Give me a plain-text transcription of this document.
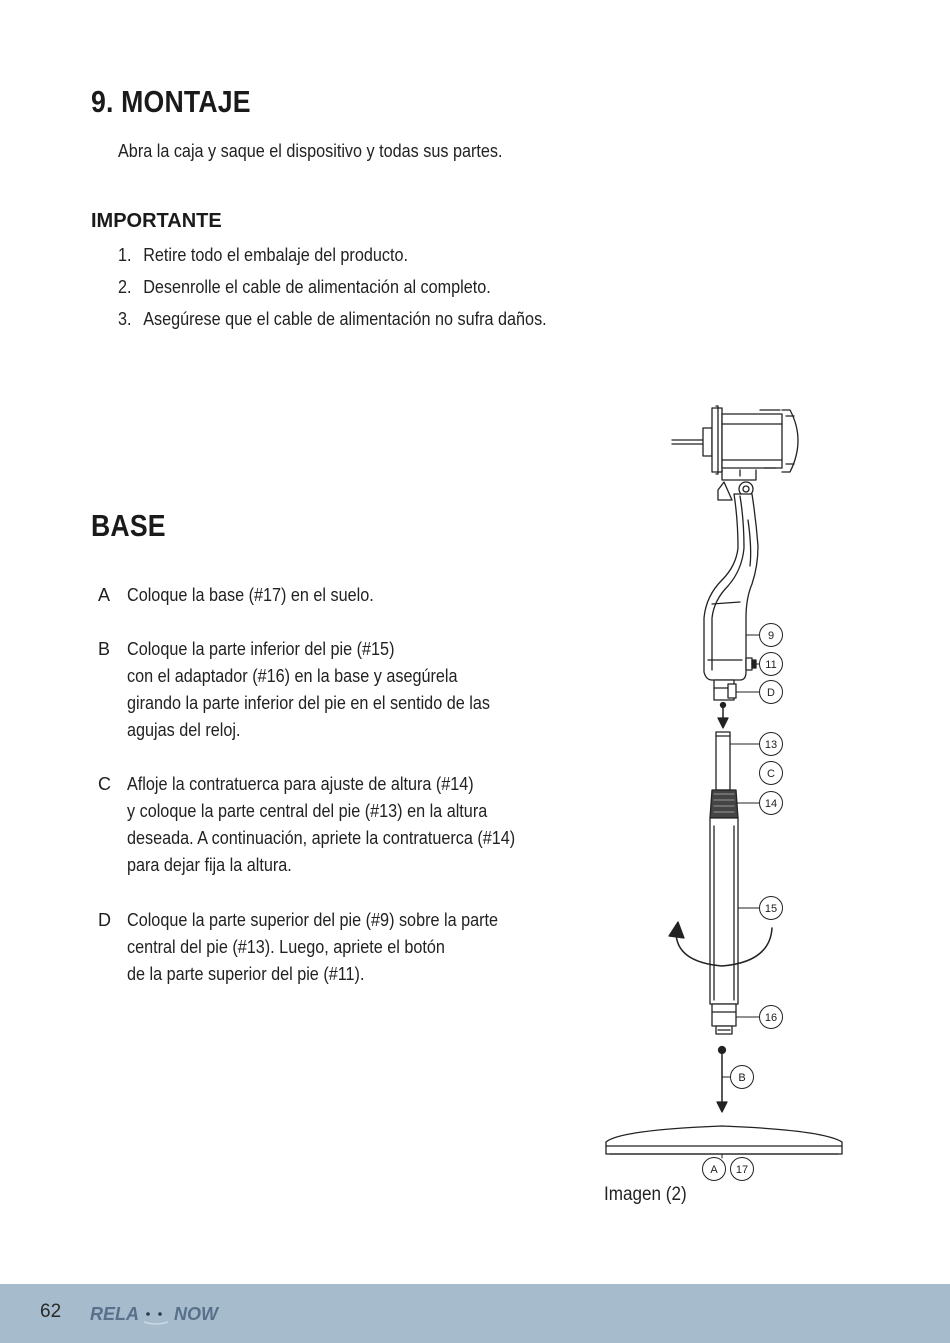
9. MONTAJE
Abra la caja y saque el dispositivo y todas sus partes.
IMPORTANTE
1. Retire todo el embalaje del producto.
2. Desenrolle el cable de alimentación al completo.
3. Asegúrese que el cable de alimentación no sufra daños.
BASE
A Coloque la base (#17) en el suelo.
B Coloque la parte inferior del pie (#15)
con el adaptador (#16) en la base y asegúrela
girando la parte inferior del pie en el sentido de las
agujas del reloj.
C Afloje la contratuerca para ajuste de altura (#14)
y coloque la parte central del pie (#13) en la altura
deseada. A continuación, apriete la contratuerca (#14)
para dejar fija la altura.
D Coloque la parte superior del pie (#9) sobre la parte
central del pie (#13). Luego, apriete el botón
de la parte superior del pie (#11).
9
11
D
13
C
14
15
16
B
A 17
Imagen (2)
62 RELA NOW
